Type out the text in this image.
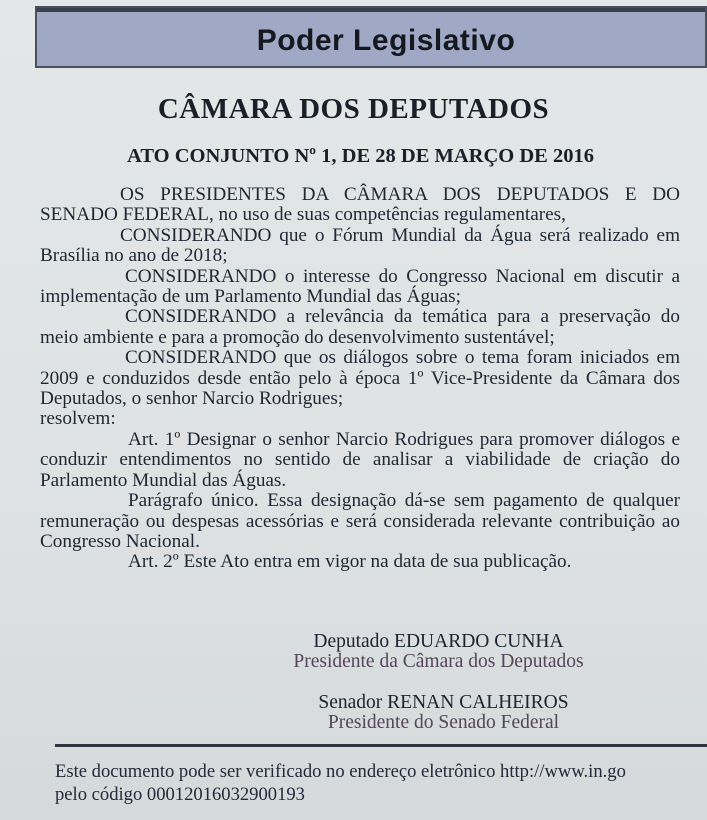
Poder Legislativo
CÂMARA DOS DEPUTADOS
ATO CONJUNTO Nº 1, DE 28 DE MARÇO DE 2016

OS PRESIDENTES DA CÂMARA DOS DEPUTADOS E DO SENADO FEDERAL, no uso de suas competências regulamentares,

CONSIDERANDO que o Fórum Mundial da Água será realizado em Brasília no ano de 2018;

CONSIDERANDO o interesse do Congresso Nacional em discutir a implementação de um Parlamento Mundial das Águas;

CONSIDERANDO a relevância da temática para a preservação do meio ambiente e para a promoção do desenvolvimento sustentável;

CONSIDERANDO que os diálogos sobre o tema foram iniciados em 2009 e conduzidos desde então pelo à época 1º Vice-Presidente da Câmara dos Deputados, o senhor Narcio Rodrigues;

resolvem:

Art. 1º Designar o senhor Narcio Rodrigues para promover diálogos e conduzir entendimentos no sentido de analisar a viabilidade de criação do Parlamento Mundial das Águas.

Parágrafo único. Essa designação dá-se sem pagamento de qualquer remuneração ou despesas acessórias e será considerada relevante contribuição ao Congresso Nacional.

Art. 2º Este Ato entra em vigor na data de sua publicação.

Deputado EDUARDO CUNHA
Presidente da Câmara dos Deputados
Senador RENAN CALHEIROS
Presidente do Senado Federal
Este documento pode ser verificado no endereço eletrônico http://www.in.go
pelo código 00012016032900193
